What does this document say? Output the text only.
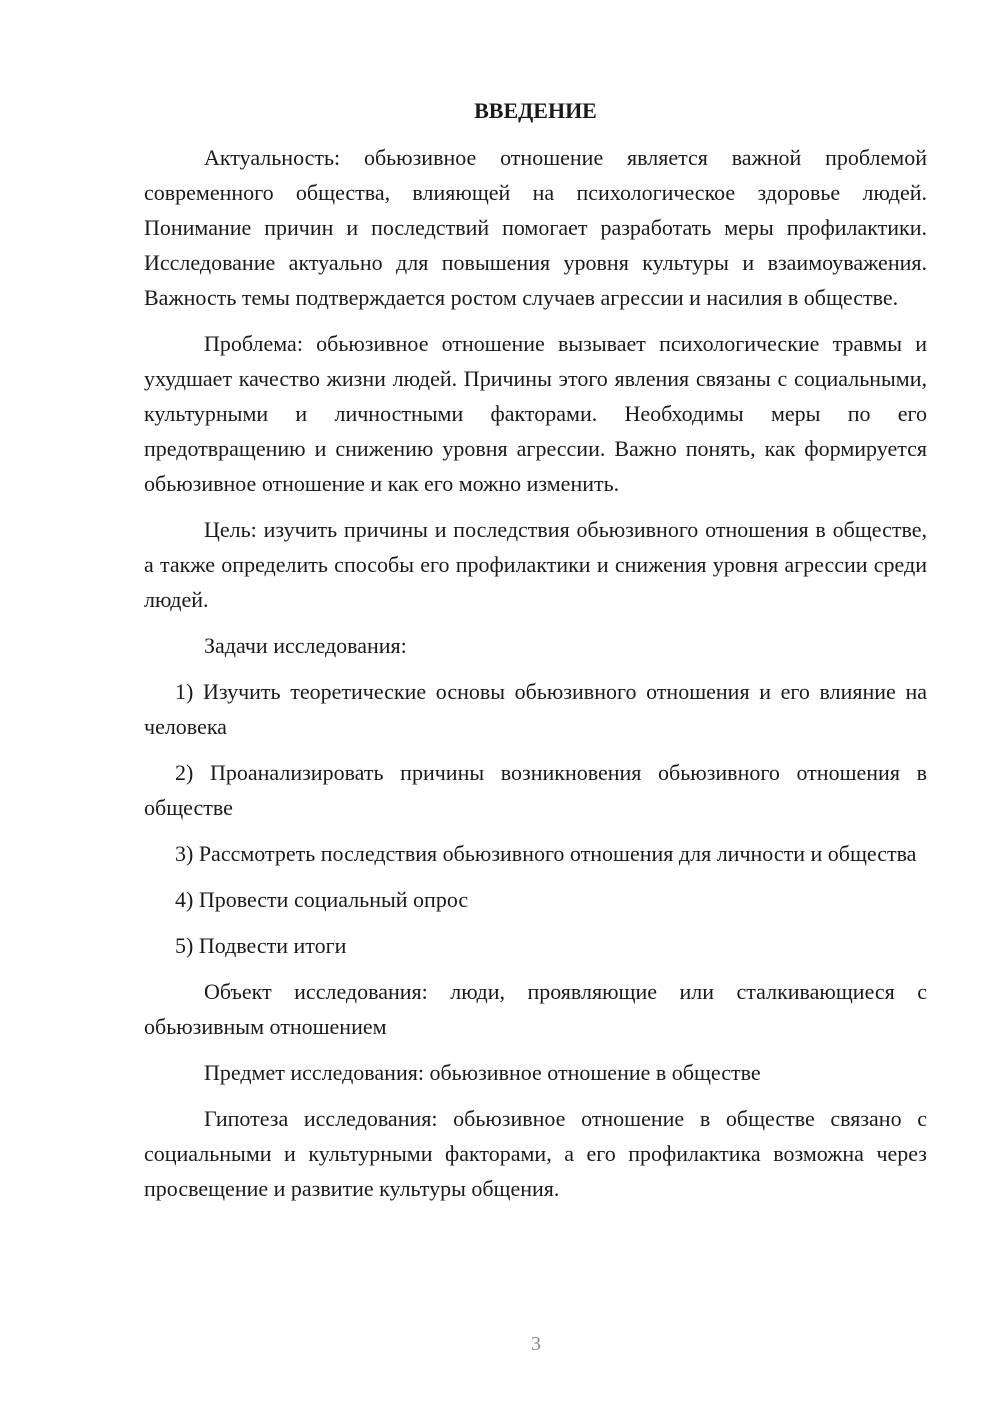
ВВЕДЕНИЕ

Актуальность: обьюзивное отношение является важной проблемой современного общества, влияющей на психологическое здоровье людей. Понимание причин и последствий помогает разработать меры профилактики. Исследование актуально для повышения уровня культуры и взаимоуважения. Важность темы подтверждается ростом случаев агрессии и насилия в обществе.

Проблема: обьюзивное отношение вызывает психологические травмы и ухудшает качество жизни людей. Причины этого явления связаны с социальными, культурными и личностными факторами. Необходимы меры по его предотвращению и снижению уровня агрессии. Важно понять, как формируется обьюзивное отношение и как его можно изменить.

Цель: изучить причины и последствия обьюзивного отношения в обществе, а также определить способы его профилактики и снижения уровня агрессии среди людей.

Задачи исследования:

1) Изучить теоретические основы обьюзивного отношения и его влияние на человека

2) Проанализировать причины возникновения обьюзивного отношения в обществе

3) Рассмотреть последствия обьюзивного отношения для личности и общества

4) Провести социальный опрос

5) Подвести итоги

Объект исследования: люди, проявляющие или сталкивающиеся с обьюзивным отношением

Предмет исследования: обьюзивное отношение в обществе

Гипотеза исследования: обьюзивное отношение в обществе связано с социальными и культурными факторами, а его профилактика возможна через просвещение и развитие культуры общения.

3
